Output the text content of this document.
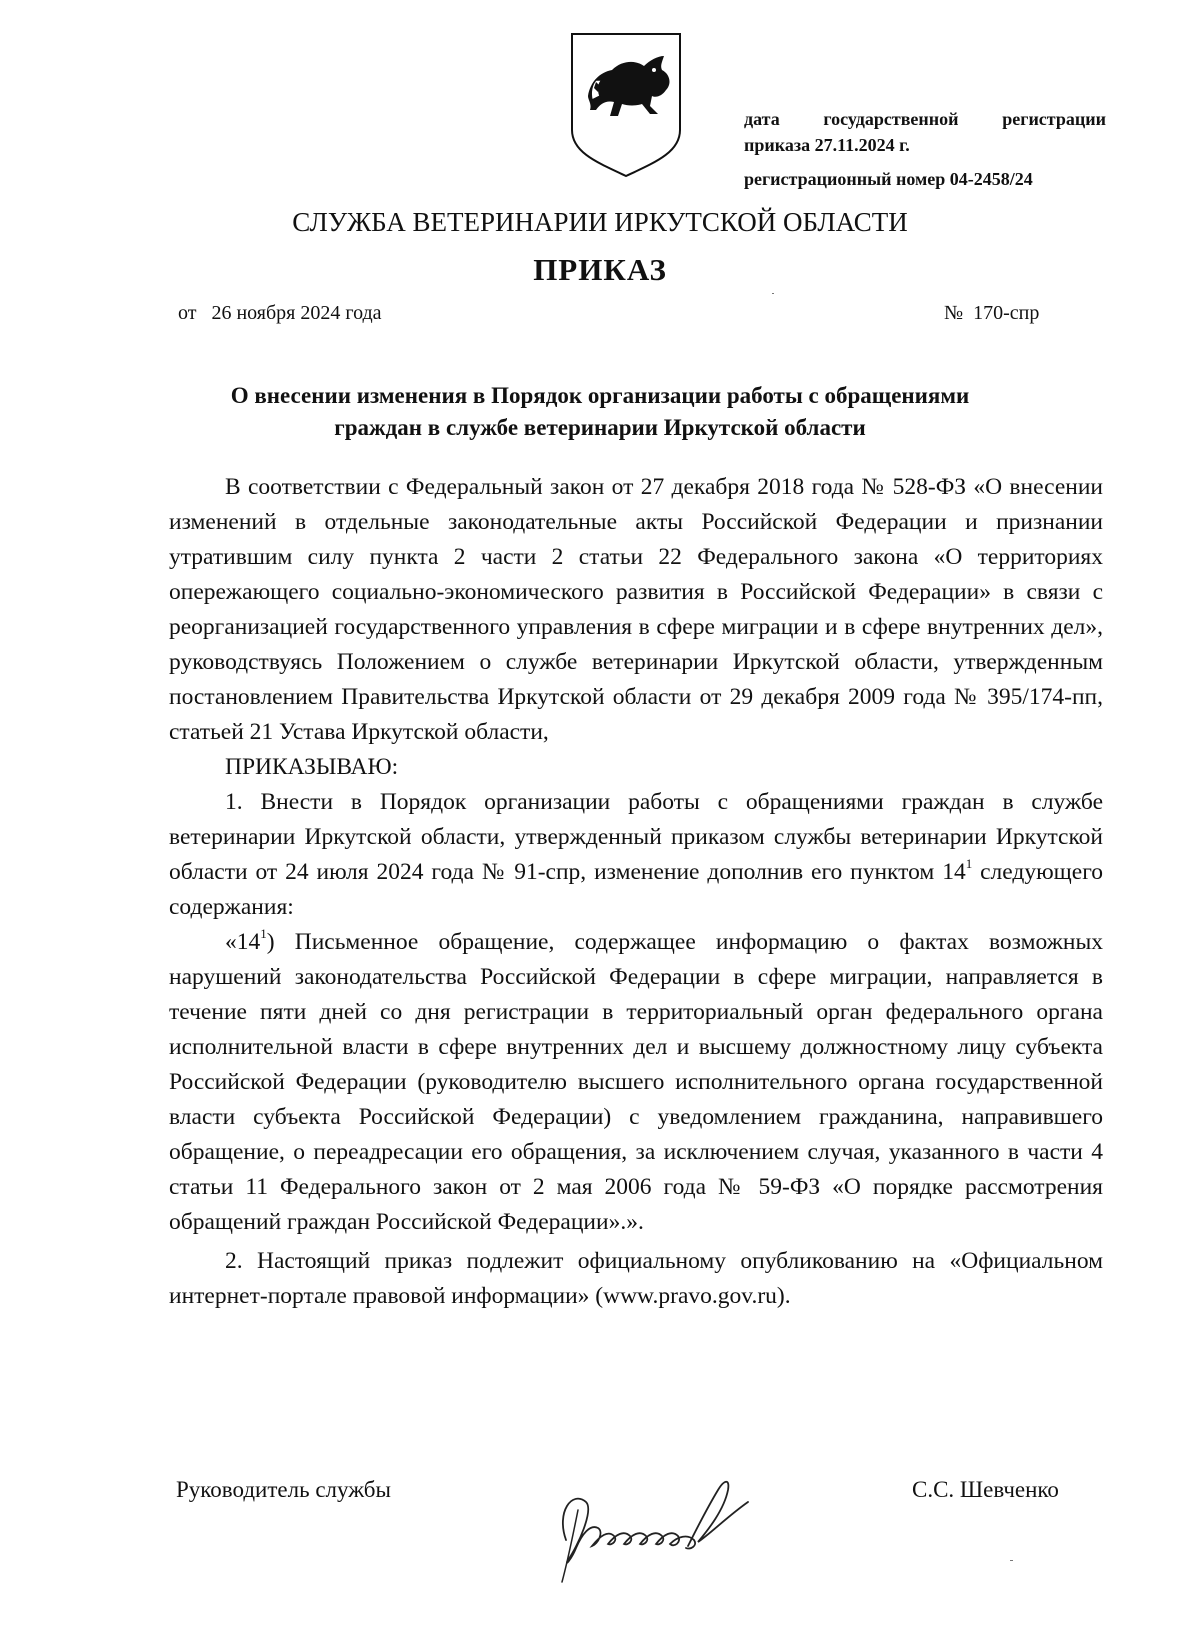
дата государственной регистрации
приказа 27.11.2024 г.
регистрационный номер 04-2458/24
СЛУЖБА ВЕТЕРИНАРИИ ИРКУТСКОЙ ОБЛАСТИ
ПРИКАЗ
от   26 ноября 2024 года	№  170-спр
О внесении изменения в Порядок организации работы с обращениями
граждан в службе ветеринарии Иркутской области

В соответствии с Федеральный закон от 27 декабря 2018 года № 528-ФЗ «О внесении изменений в отдельные законодательные акты Российской Федерации и признании утратившим силу пункта 2 части 2 статьи 22 Федерального закона «О территориях опережающего социально-экономического развития в Российской Федерации» в связи с реорганизацией государственного управления в сфере миграции и в сфере внутренних дел», руководствуясь Положением о службе ветеринарии Иркутской области, утвержденным постановлением Правительства Иркутской области от 29 декабря 2009 года № 395/174-пп, статьей 21 Устава Иркутской области,

ПРИКАЗЫВАЮ:

1. Внести в Порядок организации работы с обращениями граждан в службе ветеринарии Иркутской области, утвержденный приказом службы ветеринарии Иркутской области от 24 июля 2024 года № 91-спр, изменение дополнив его пунктом $14^1$ следующего содержания:

«$14^1$) Письменное обращение, содержащее информацию о фактах возможных нарушений законодательства Российской Федерации в сфере миграции, направляется в течение пяти дней со дня регистрации в территориальный орган федерального органа исполнительной власти в сфере внутренних дел и высшему должностному лицу субъекта Российской Федерации (руководителю высшего исполнительного органа государственной власти субъекта Российской Федерации) с уведомлением гражданина, направившего обращение, о переадресации его обращения, за исключением случая, указанного в части 4 статьи 11 Федерального закон от 2 мая 2006 года № 59-ФЗ «О порядке рассмотрения обращений граждан Российской Федерации».».

2. Настоящий приказ подлежит официальному опубликованию на «Официальном интернет-портале правовой информации» (www.pravo.gov.ru).

Руководитель службы	С.С. Шевченко
